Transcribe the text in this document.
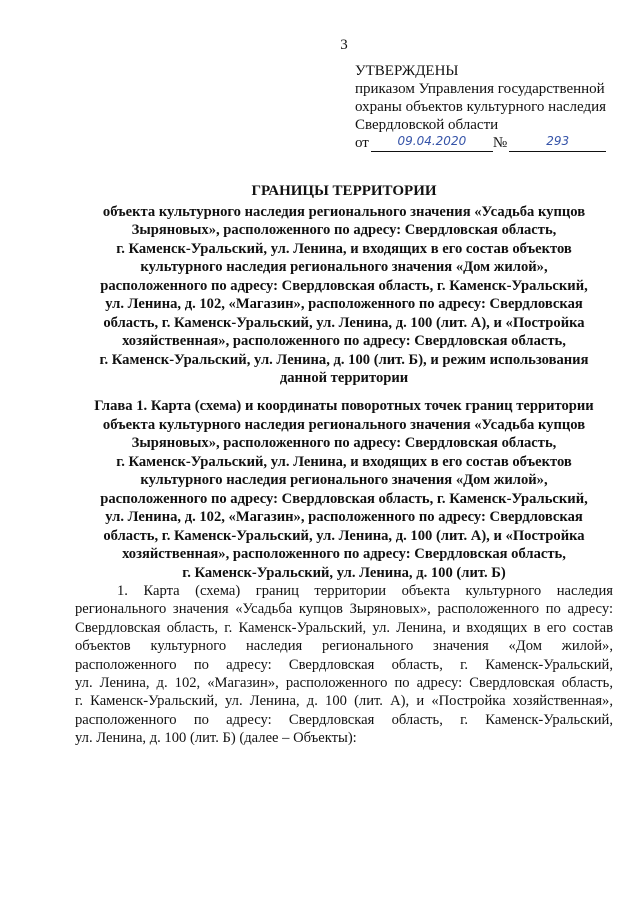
3
УТВЕРЖДЕНЫ
приказом Управления государственной
охраны объектов культурного наследия
Свердловской области
от	09.04.2020	№	293
ГРАНИЦЫ ТЕРРИТОРИИ
объекта культурного наследия регионального значения «Усадьба купцов
Зыряновых», расположенного по адресу: Свердловская область,
г. Каменск-Уральский, ул. Ленина, и входящих в его состав объектов
культурного наследия регионального значения «Дом жилой»,
расположенного по адресу: Свердловская область, г. Каменск-Уральский,
ул. Ленина, д. 102, «Магазин», расположенного по адресу: Свердловская
область, г. Каменск-Уральский, ул. Ленина, д. 100 (лит. А), и «Постройка
хозяйственная», расположенного по адресу: Свердловская область,
г. Каменск-Уральский, ул. Ленина, д. 100 (лит. Б), и режим использования
данной территории
Глава 1. Карта (схема) и координаты поворотных точек границ территории
объекта культурного наследия регионального значения «Усадьба купцов
Зыряновых», расположенного по адресу: Свердловская область,
г. Каменск-Уральский, ул. Ленина, и входящих в его состав объектов
культурного наследия регионального значения «Дом жилой»,
расположенного по адресу: Свердловская область, г. Каменск-Уральский,
ул. Ленина, д. 102, «Магазин», расположенного по адресу: Свердловская
область, г. Каменск-Уральский, ул. Ленина, д. 100 (лит. А), и «Постройка
хозяйственная», расположенного по адресу: Свердловская область,
г. Каменск-Уральский, ул. Ленина, д. 100 (лит. Б)
1. Карта (схема) границ территории объекта культурного наследия
регионального значения «Усадьба купцов Зыряновых», расположенного по адресу:
Свердловская область, г. Каменск-Уральский, ул. Ленина, и входящих в его состав
объектов культурного наследия регионального значения «Дом жилой»,
расположенного по адресу: Свердловская область, г. Каменск-Уральский,
ул. Ленина, д. 102, «Магазин», расположенного по адресу: Свердловская область,
г. Каменск-Уральский, ул. Ленина, д. 100 (лит. А), и «Постройка хозяйственная»,
расположенного по адресу: Свердловская область, г. Каменск-Уральский,
ул. Ленина, д. 100 (лит. Б) (далее – Объекты):
